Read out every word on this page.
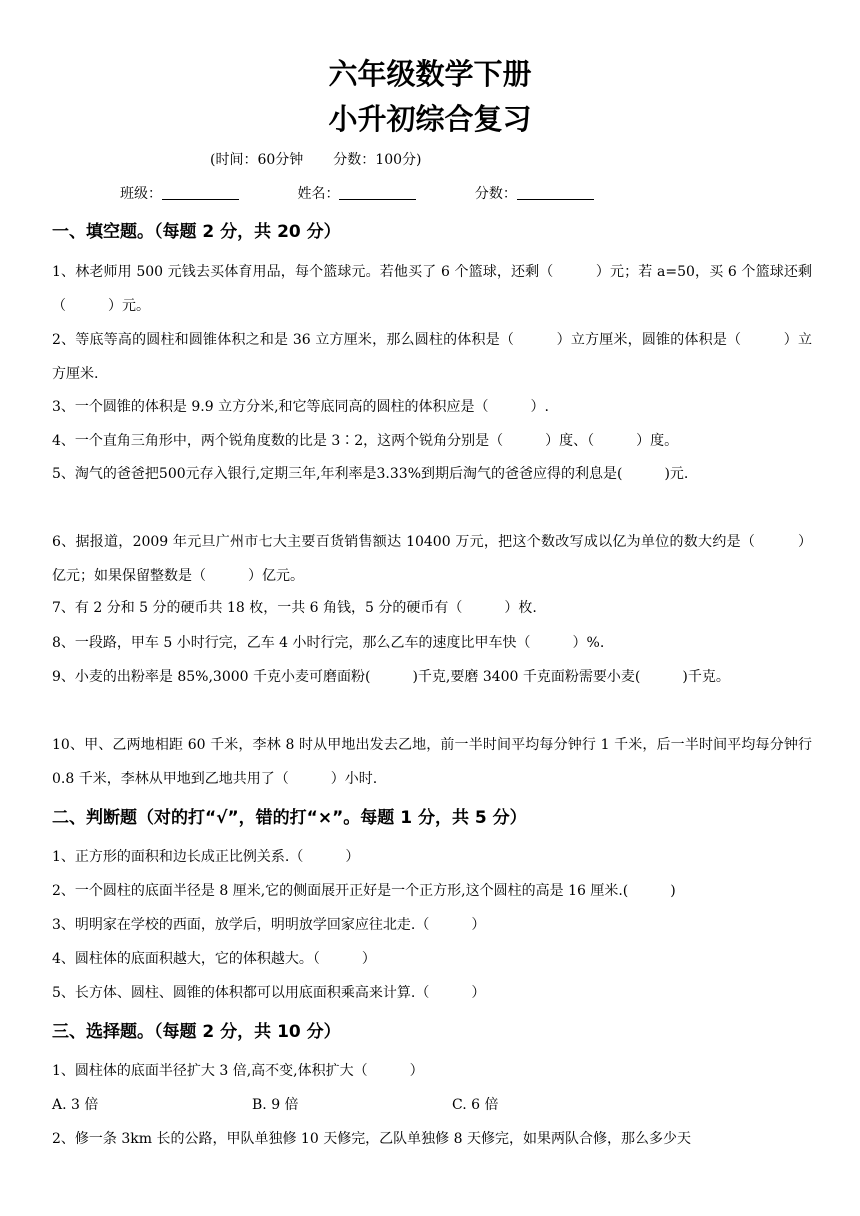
六年级数学下册
小升初综合复习
(时间：60分钟 分数：100分)
班级：	姓名：	分数：
一、填空题。（每题 2 分，共 20 分）
1、林老师用 500 元钱去买体育用品，每个篮球元。若他买了 6 个篮球，还剩（　　　）元；若 a=50，买 6 个篮球还剩（　　　）元。
2、等底等高的圆柱和圆锥体积之和是 36 立方厘米，那么圆柱的体积是（　　　）立方厘米，圆锥的体积是（　　　）立方厘米.
3、一个圆锥的体积是 9.9 立方分米,和它等底同高的圆柱的体积应是（　　　）.
4、一个直角三角形中，两个锐角度数的比是 3∶2，这两个锐角分别是（　　　）度、（　　　）度。
5、淘气的爸爸把500元存入银行,定期三年,年利率是3.33%到期后淘气的爸爸应得的利息是(　　　)元.
6、据报道，2009 年元旦广州市七大主要百货销售额达 10400 万元，把这个数改写成以亿为单位的数大约是（　　　）亿元；如果保留整数是（　　　）亿元。
7、有 2 分和 5 分的硬币共 18 枚，一共 6 角钱，5 分的硬币有（　　　）枚.
8、一段路，甲车 5 小时行完，乙车 4 小时行完，那么乙车的速度比甲车快（　　　）%.
9、小麦的出粉率是 85%,3000 千克小麦可磨面粉(　　　)千克,要磨 3400 千克面粉需要小麦(　　　)千克。
10、甲、乙两地相距 60 千米，李林 8 时从甲地出发去乙地，前一半时间平均每分钟行 1 千米，后一半时间平均每分钟行 0.8 千米，李林从甲地到乙地共用了（　　　）小时.
二、判断题（对的打“√”，错的打“×”。每题 1 分，共 5 分）
1、正方形的面积和边长成正比例关系.（　　　）
2、一个圆柱的底面半径是 8 厘米,它的侧面展开正好是一个正方形,这个圆柱的高是 16 厘米.(　　　)
3、明明家在学校的西面，放学后，明明放学回家应往北走.（　　　）
4、圆柱体的底面积越大，它的体积越大。（　　　）
5、长方体、圆柱、圆锥的体积都可以用底面积乘高来计算.（　　　）
三、选择题。（每题 2 分，共 10 分）
1、圆柱体的底面半径扩大 3 倍,高不变,体积扩大（　　　）
A. 3 倍	B. 9 倍	C. 6 倍
2、修一条 3km 长的公路，甲队单独修 10 天修完，乙队单独修 8 天修完，如果两队合修，那么多少天
